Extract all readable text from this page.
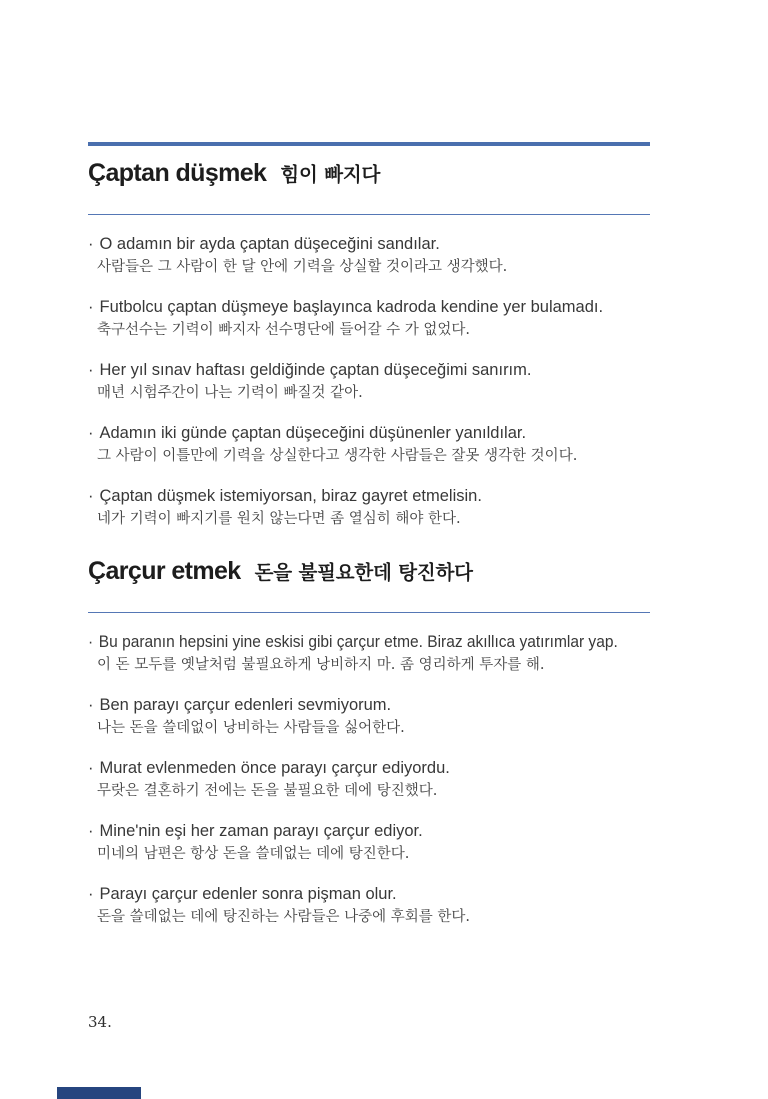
Çaptan düşmek 힘이 빠지다

· O adamın bir ayda çaptan düşeceğini sandılar.

사람들은 그 사람이 한 달 안에 기력을 상실할 것이라고 생각했다.

· Futbolcu çaptan düşmeye başlayınca kadroda kendine yer bulamadı.

축구선수는 기력이 빠지자 선수명단에 들어갈 수 가 없었다.

· Her yıl sınav haftası geldiğinde çaptan düşeceğimi sanırım.

매년 시험주간이 나는 기력이 빠질것 같아.

· Adamın iki günde çaptan düşeceğini düşünenler yanıldılar.

그 사람이 이틀만에 기력을 상실한다고 생각한 사람들은 잘못 생각한 것이다.

· Çaptan düşmek istemiyorsan, biraz gayret etmelisin.

네가 기력이 빠지기를 원치 않는다면 좀 열심히 해야 한다.

Çarçur etmek 돈을 불필요한데 탕진하다

· Bu paranın hepsini yine eskisi gibi çarçur etme. Biraz akıllıca yatırımlar yap.

이 돈 모두를 옛날처럼 불필요하게 낭비하지 마. 좀 영리하게 투자를 해.

· Ben parayı çarçur edenleri sevmiyorum.

나는 돈을 쓸데없이 낭비하는 사람들을 싫어한다.

· Murat evlenmeden önce parayı çarçur ediyordu.

무랏은 결혼하기 전에는 돈을 불필요한 데에 탕진했다.

· Mine'nin eşi her zaman parayı çarçur ediyor.

미네의 남편은 항상 돈을 쓸데없는 데에 탕진한다.

· Parayı çarçur edenler sonra pişman olur.

돈을 쓸데없는 데에 탕진하는 사람들은 나중에 후회를 한다.

34.
